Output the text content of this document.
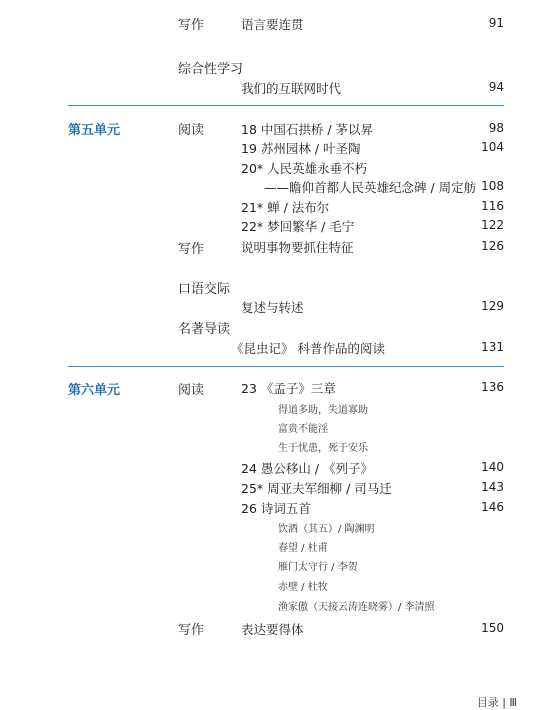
写作	语言要连贯	91
综合性学习
我们的互联网时代	94
第五单元	阅读	18 中国石拱桥 / 茅以昇	98
19 苏州园林 / 叶圣陶	104
20* 人民英雄永垂不朽
——瞻仰首都人民英雄纪念碑 / 周定舫 108
21* 蝉 / 法布尔	116
22* 梦回繁华 / 毛宁	122
写作	说明事物要抓住特征	126
口语交际
复述与转述	129
名著导读
《昆虫记》 科普作品的阅读	131
第六单元	阅读	23 《孟子》三章	136
得道多助，失道寡助
富贵不能淫
生于忧患，死于安乐
24 愚公移山 / 《列子》	140
25* 周亚夫军细柳 / 司马迁	143
26 诗词五首	146
饮酒（其五）/ 陶渊明
春望 / 杜甫
雁门太守行 / 李贺
赤壁 / 杜牧
渔家傲（天接云涛连晓雾）/ 李清照
写作	表达要得体	150
目录 | Ⅲ
